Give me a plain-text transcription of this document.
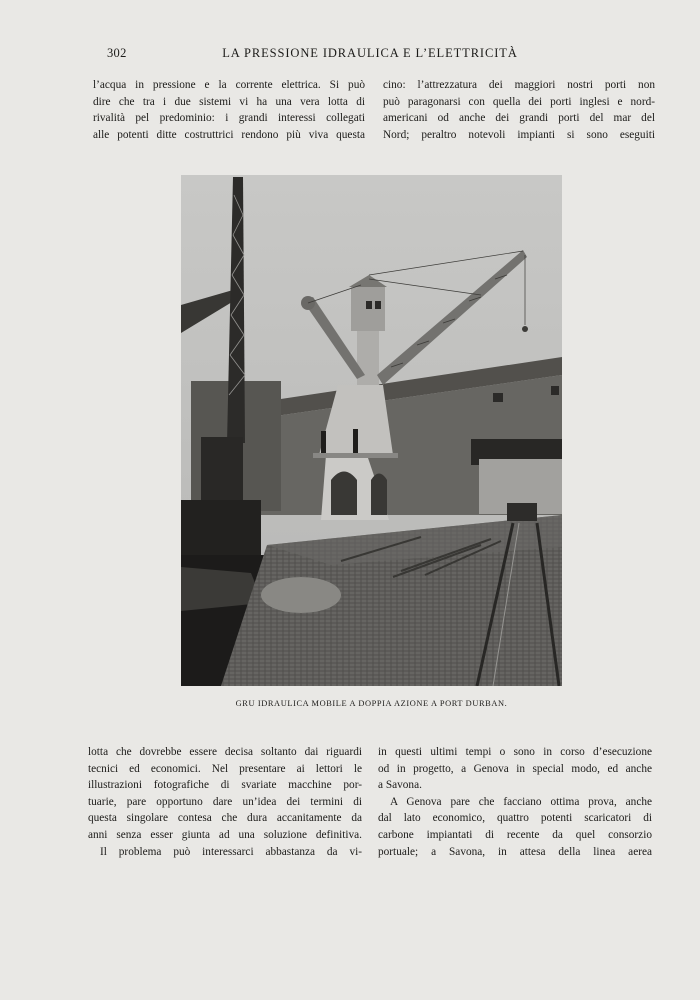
302	LA PRESSIONE IDRAULICA E L’ELETTRICITÀ
l’acqua in pressione e la corrente elettrica. Si può
dire che tra i due sistemi vi ha una vera lotta di
rivalità pel predominio: i grandi interessi collegati
alle potenti ditte costruttrici rendono più viva questa
cino: l’attrezzatura dei maggiori nostri porti non
può paragonarsi con quella dei porti inglesi e nord-
americani od anche dei grandi porti del mar del
Nord; peraltro notevoli impianti si sono eseguiti
GRU IDRAULICA MOBILE A DOPPIA AZIONE A PORT DURBAN.
lotta che dovrebbe essere decisa soltanto dai riguardi
tecnici ed economici. Nel presentare ai lettori le
illustrazioni fotografiche di svariate macchine por-
tuarie, pare opportuno dare un’idea dei termini di
questa singolare contesa che dura accanitamente da
anni senza esser giunta ad una soluzione definitiva.
Il problema può interessarci abbastanza da vi-
in questi ultimi tempi o sono in corso d’esecuzione
od in progetto, a Genova in special modo, ed anche
a Savona.
A Genova pare che facciano ottima prova, anche
dal lato economico, quattro potenti scaricatori di
carbone impiantati di recente da quel consorzio
portuale; a Savona, in attesa della linea aerea
